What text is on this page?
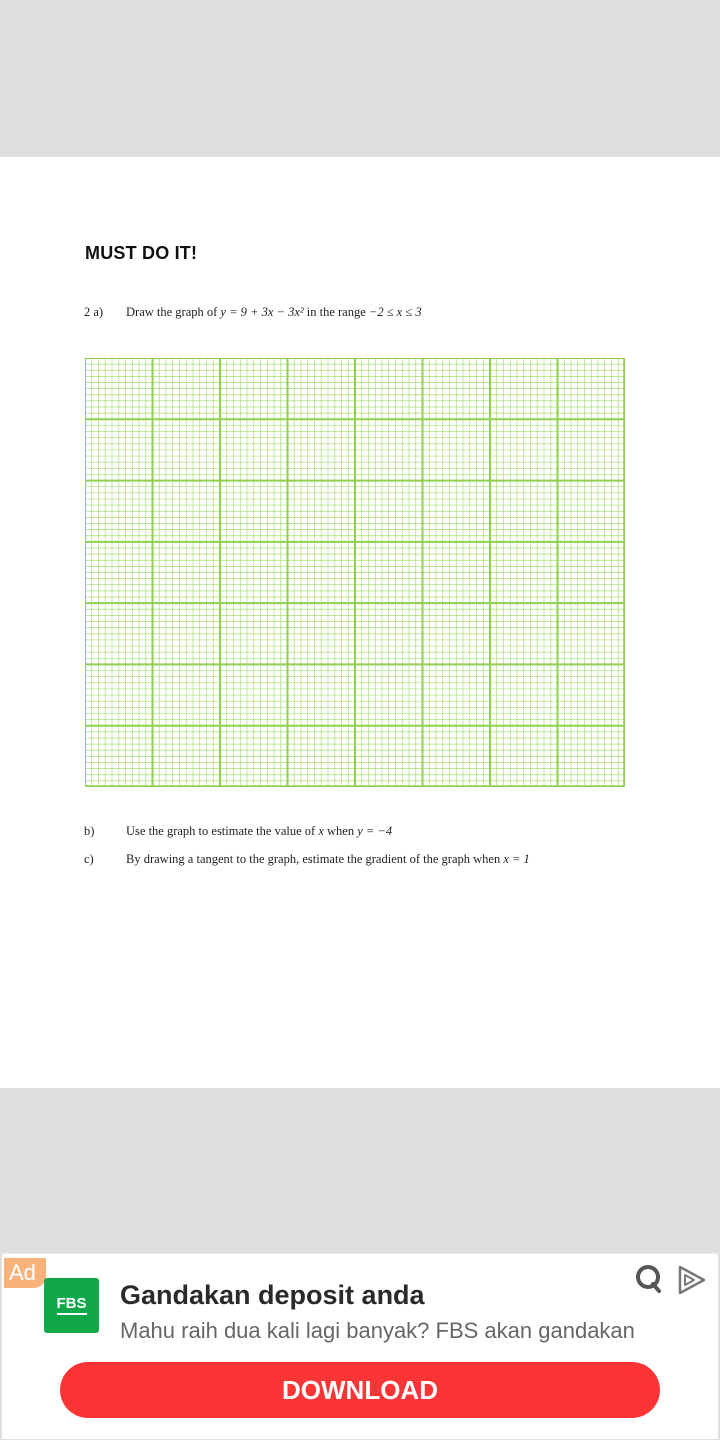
MUST DO IT!
2 a) Draw the graph of y = 9 + 3x − 3x² in the range −2 ≤ x ≤ 3
b)	Use the graph to estimate the value of x when y = −4
c)	By drawing a tangent to the graph, estimate the gradient of the graph when x = 1
Ad
FBS	Gandakan deposit anda
Mahu raih dua kali lagi banyak? FBS akan gandakan
DOWNLOAD
